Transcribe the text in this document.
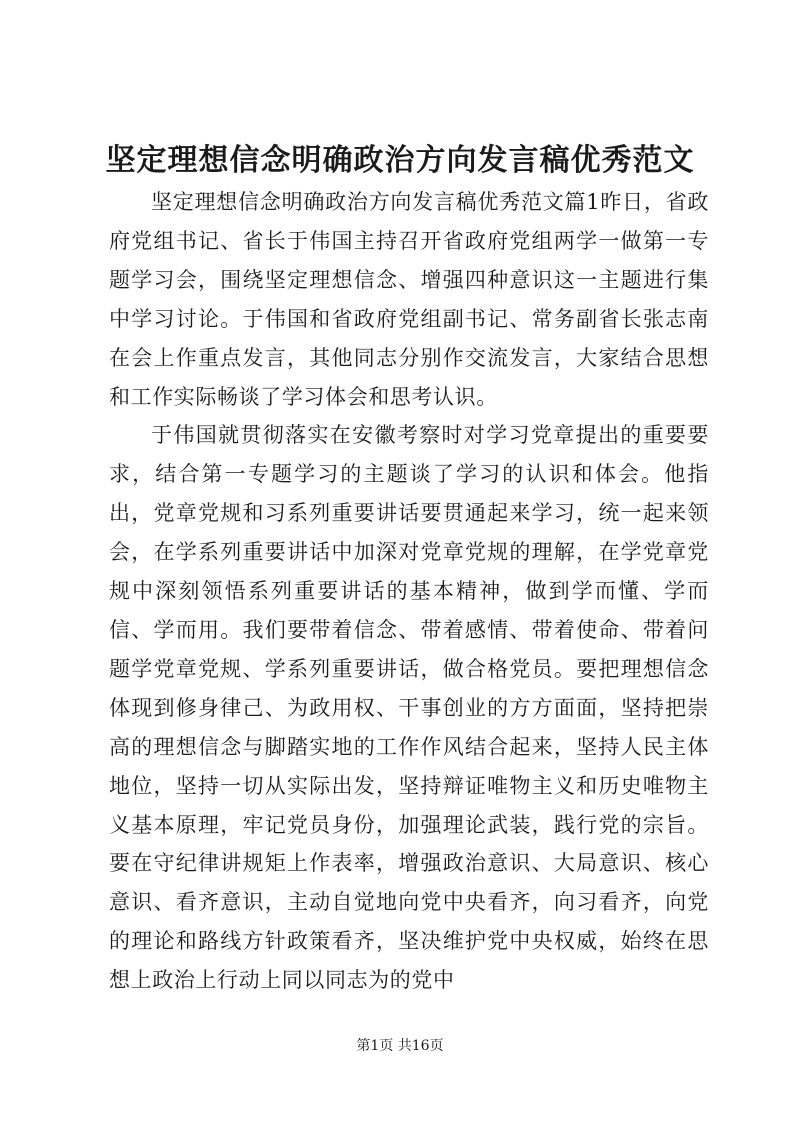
坚定理想信念明确政治方向发言稿优秀范文

坚定理想信念明确政治方向发言稿优秀范文篇1昨日，省政府党组书记、省长于伟国主持召开省政府党组两学一做第一专题学习会，围绕坚定理想信念、增强四种意识这一主题进行集中学习讨论。于伟国和省政府党组副书记、常务副省长张志南在会上作重点发言，其他同志分别作交流发言，大家结合思想和工作实际畅谈了学习体会和思考认识。

于伟国就贯彻落实在安徽考察时对学习党章提出的重要要求，结合第一专题学习的主题谈了学习的认识和体会。他指出，党章党规和习系列重要讲话要贯通起来学习，统一起来领会，在学系列重要讲话中加深对党章党规的理解，在学党章党规中深刻领悟系列重要讲话的基本精神，做到学而懂、学而信、学而用。我们要带着信念、带着感情、带着使命、带着问题学党章党规、学系列重要讲话，做合格党员。要把理想信念体现到修身律己、为政用权、干事创业的方方面面，坚持把崇高的理想信念与脚踏实地的工作作风结合起来，坚持人民主体地位，坚持一切从实际出发，坚持辩证唯物主义和历史唯物主义基本原理，牢记党员身份，加强理论武装，践行党的宗旨。要在守纪律讲规矩上作表率，增强政治意识、大局意识、核心意识、看齐意识，主动自觉地向党中央看齐，向习看齐，向党的理论和路线方针政策看齐，坚决维护党中央权威，始终在思想上政治上行动上同以同志为的党中

第1页 共16页
